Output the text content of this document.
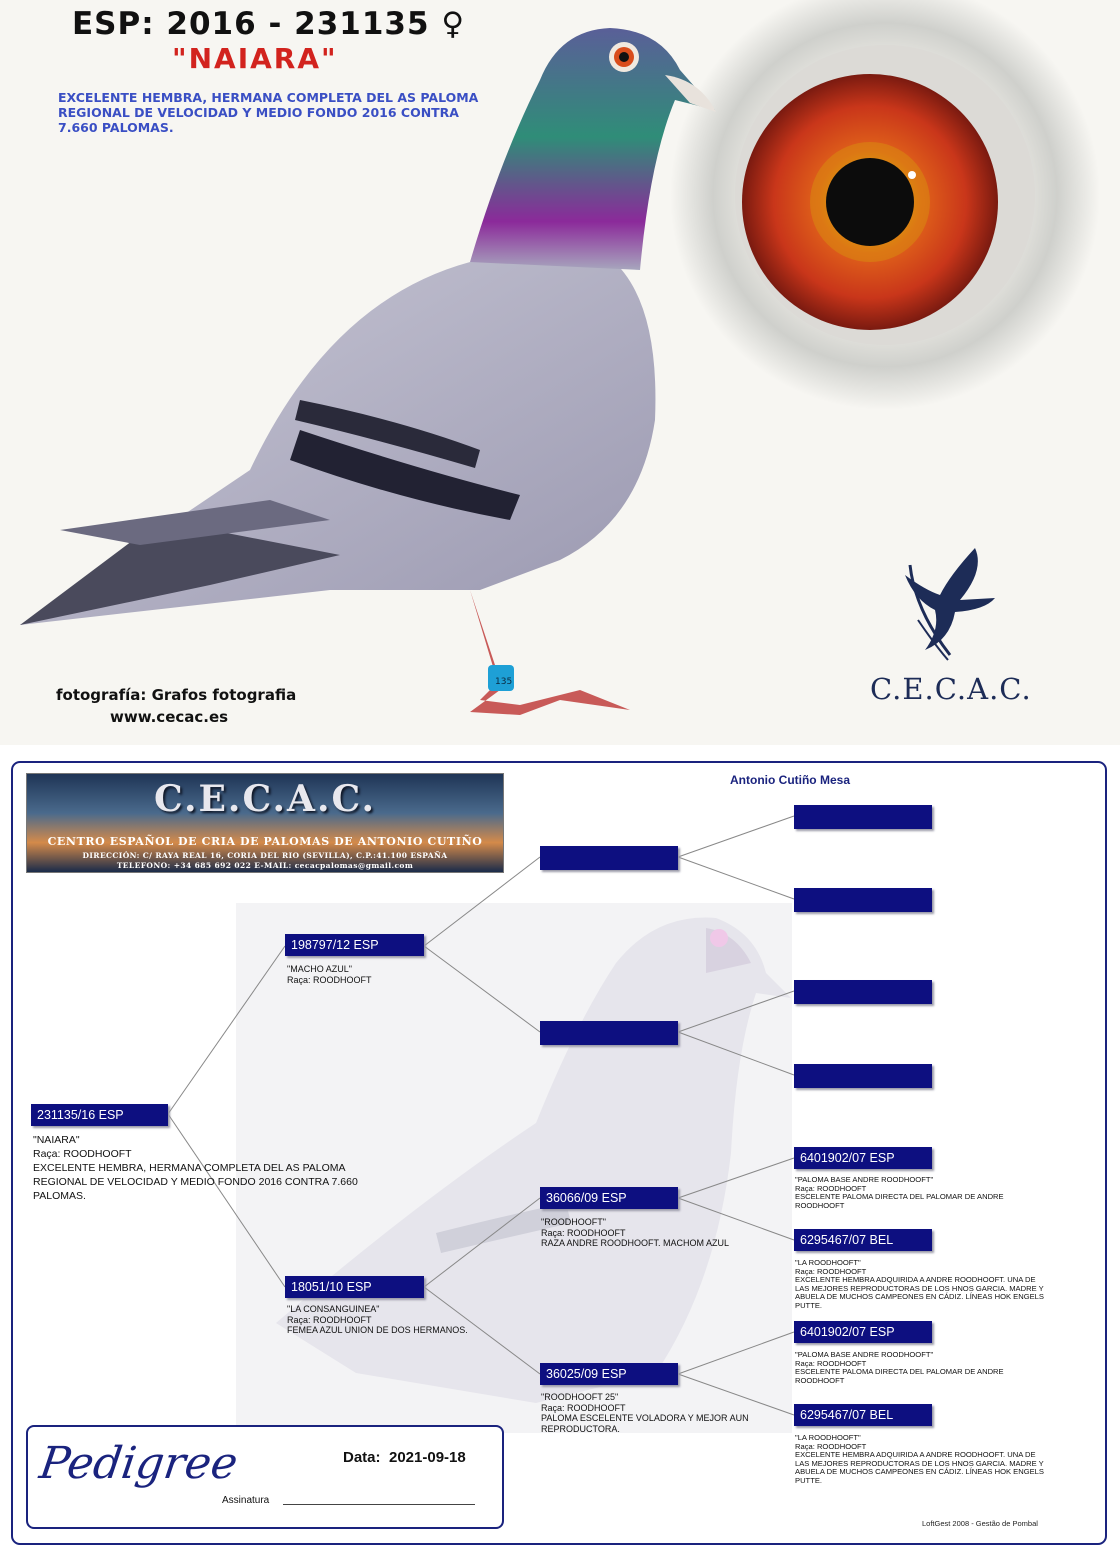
135
ESP: 2016 - 231135 ♀
"NAIARA"
EXCELENTE HEMBRA, HERMANA COMPLETA DEL AS PALOMA REGIONAL DE VELOCIDAD Y MEDIO FONDO 2016 CONTRA 7.660 PALOMAS.
fotografía: Grafos fotografia
www.cecac.es
C.E.C.A.C.
Antonio Cutiño Mesa
C.E.C.A.C.
CENTRO ESPAÑOL DE CRIA DE PALOMAS DE ANTONIO CUTIÑO
DIRECCIÓN: C/ RAYA REAL 16, CORIA DEL RIO (SEVILLA), C.P.:41.100 ESPAÑA
TELEFONO: +34 685 692 022 E-MAIL: cecacpalomas@gmail.com
231135/16 ESP
"NAIARA"
Raça: ROODHOOFT
EXCELENTE HEMBRA, HERMANA COMPLETA DEL AS PALOMA REGIONAL DE VELOCIDAD Y MEDIO FONDO 2016 CONTRA 7.660 PALOMAS.
198797/12 ESP
"MACHO AZUL"
Raça: ROODHOOFT
18051/10 ESP
"LA CONSANGUINEA"
Raça: ROODHOOFT
FEMEA AZUL UNION DE DOS HERMANOS.
36066/09 ESP
"ROODHOOFT"
Raça: ROODHOOFT
RAZA ANDRE ROODHOOFT. MACHOM AZUL
36025/09 ESP
"ROODHOOFT 25"
Raça: ROODHOOFT
PALOMA ESCELENTE VOLADORA Y MEJOR AUN REPRODUCTORA.
6401902/07 ESP
"PALOMA BASE ANDRE ROODHOOFT"
Raça: ROODHOOFT
ESCELENTE PALOMA DIRECTA DEL PALOMAR DE ANDRE ROODHOOFT
6295467/07 BEL
"LA ROODHOOFT"
Raça: ROODHOOFT
EXCELENTE HEMBRA ADQUIRIDA A ANDRE ROODHOOFT. UNA DE LAS MEJORES REPRODUCTORAS DE LOS HNOS GARCIA. MADRE Y ABUELA DE MUCHOS CAMPEONES EN CÁDIZ. LÍNEAS HOK ENGELS PUTTE.
6401902/07 ESP
"PALOMA BASE ANDRE ROODHOOFT"
Raça: ROODHOOFT
ESCELENTE PALOMA DIRECTA DEL PALOMAR DE ANDRE ROODHOOFT
6295467/07 BEL
"LA ROODHOOFT"
Raça: ROODHOOFT
EXCELENTE HEMBRA ADQUIRIDA A ANDRE ROODHOOFT. UNA DE LAS MEJORES REPRODUCTORAS DE LOS HNOS GARCIA. MADRE Y ABUELA DE MUCHOS CAMPEONES EN CÁDIZ. LÍNEAS HOK ENGELS PUTTE.
Pedigree	Data: 2021-09-18
Assinatura
LoftGest 2008 - Gestão de Pombal
